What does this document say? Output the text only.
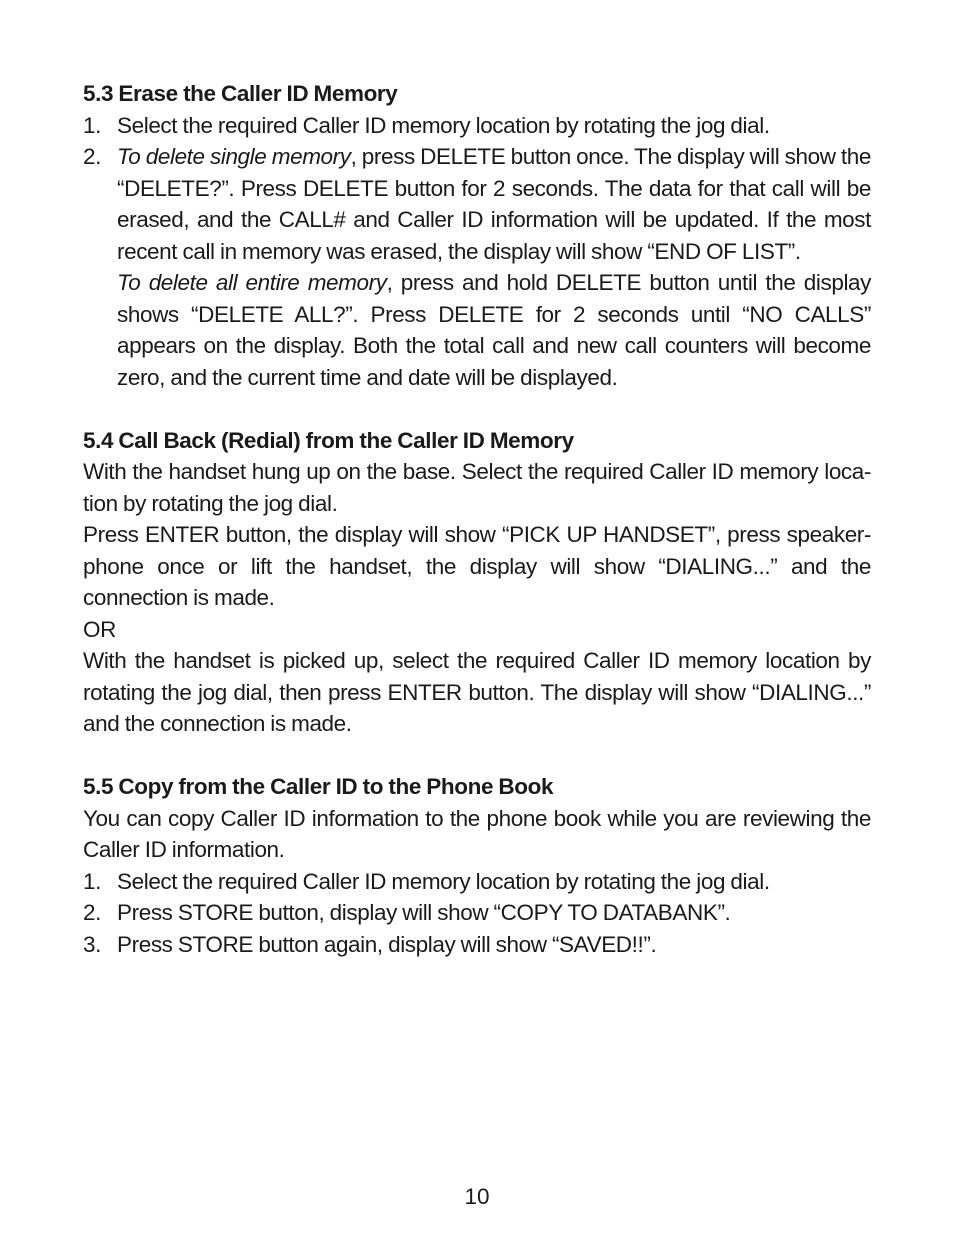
5.3 Erase the Caller ID Memory
1. Select the required Caller ID memory location by rotating the jog dial.
2. To delete single memory, press DELETE button once. The display will show the “DELETE?”. Press DELETE button for 2 seconds. The data for that call will be erased, and the CALL# and Caller ID information will be updated. If the most recent call in memory was erased, the display will show “END OF LIST”.

To delete all entire memory, press and hold DELETE button until the display shows “DELETE ALL?”. Press DELETE for 2 seconds until “NO CALLS” appears on the display. Both the total call and new call counters will become zero, and the current time and date will be displayed.

5.4 Call Back (Redial) from the Caller ID Memory

With the handset hung up on the base. Select the required Caller ID memory loca-tion by rotating the jog dial.

Press ENTER button, the display will show “PICK UP HANDSET”, press speaker-phone once or lift the handset, the display will show “DIALING...” and the connection is made.

OR

With the handset is picked up, select the required Caller ID memory location by rotating the jog dial, then press ENTER button. The display will show “DIALING...” and the connection is made.

5.5 Copy from the Caller ID to the Phone Book

You can copy Caller ID information to the phone book while you are reviewing the Caller ID information.

1. Select the required Caller ID memory location by rotating the jog dial.
2. Press STORE button, display will show “COPY TO DATABANK”.
3. Press STORE button again, display will show “SAVED!!”.
10
